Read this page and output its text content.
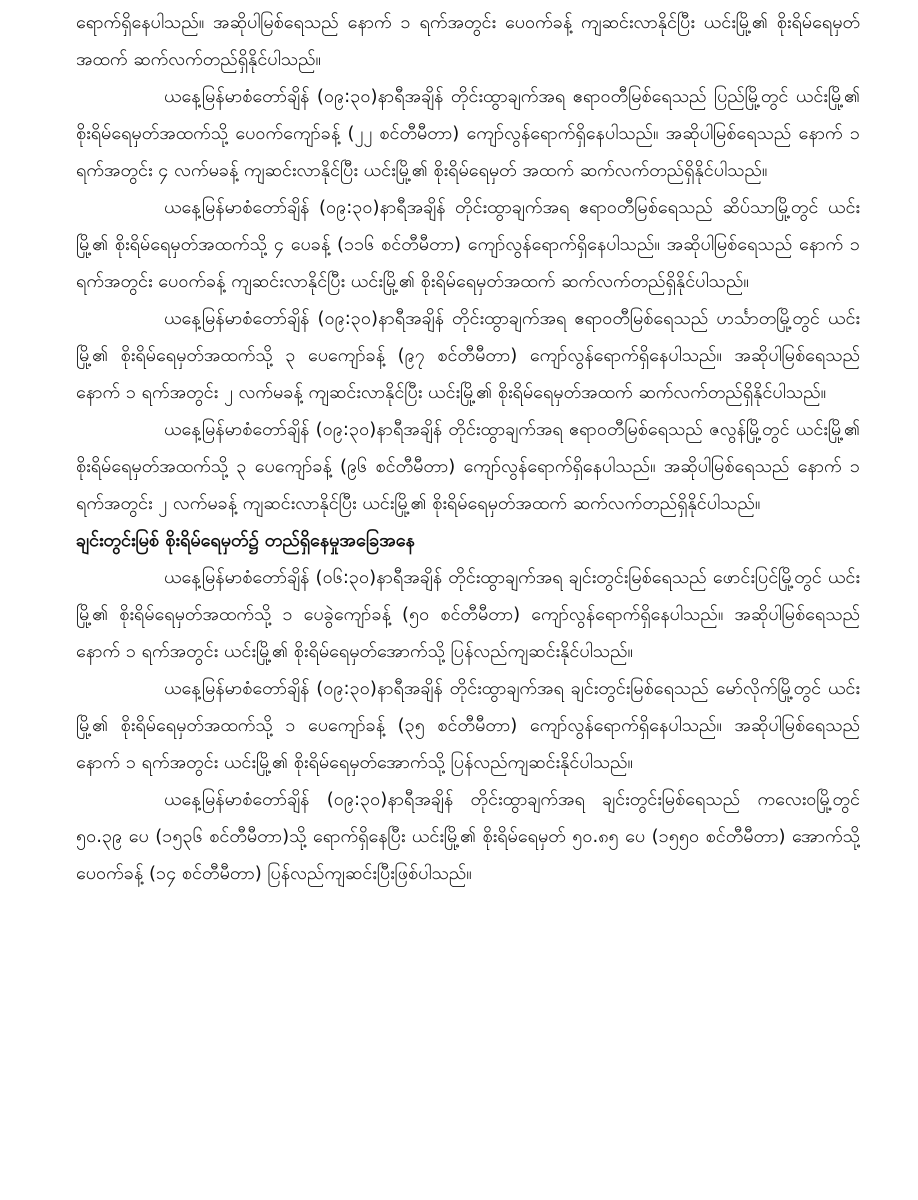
ရောက်ရှိနေပါသည်။ အဆိုပါမြစ်ရေသည် နောက် ၁ ရက်အတွင်း ပေ၀က်ခန့် ကျဆင်းလာနိုင်ပြီး ယင်းမြို့၏ စိုးရိမ်ရေမှတ်အထက် ဆက်လက်တည်ရှိနိုင်ပါသည်။

ယနေ့မြန်မာစံတော်ချိန် (၀၉:၃၀)နာရီအချိန် တိုင်းထွာချက်အရ ဧရာ၀တီမြစ်ရေသည် ပြည်မြို့တွင် ယင်းမြို့၏ စိုးရိမ်ရေမှတ်အထက်သို့ ပေ၀က်ကျော်ခန့် (၂၂ စင်တီမီတာ) ကျော်လွန်ရောက်ရှိနေပါသည်။ အဆိုပါမြစ်ရေသည် နောက် ၁ ရက်အတွင်း ၄ လက်မခန့် ကျဆင်းလာနိုင်ပြီး ယင်းမြို့၏ စိုးရိမ်ရေမှတ် အထက် ဆက်လက်တည်ရှိနိုင်ပါသည်။

ယနေ့မြန်မာစံတော်ချိန် (၀၉:၃၀)နာရီအချိန် တိုင်းထွာချက်အရ ဧရာ၀တီမြစ်ရေသည် ဆိပ်သာမြို့တွင် ယင်းမြို့၏ စိုးရိမ်ရေမှတ်အထက်သို့ ၄ ပေခန့် (၁၁၆ စင်တီမီတာ) ကျော်လွန်ရောက်ရှိနေပါသည်။ အဆိုပါမြစ်ရေသည် နောက် ၁ ရက်အတွင်း ပေ၀က်ခန့် ကျဆင်းလာနိုင်ပြီး ယင်းမြို့၏ စိုးရိမ်ရေမှတ်အထက် ဆက်လက်တည်ရှိနိုင်ပါသည်။

ယနေ့မြန်မာစံတော်ချိန် (၀၉:၃၀)နာရီအချိန် တိုင်းထွာချက်အရ ဧရာ၀တီမြစ်ရေသည် ဟင်္သာတမြို့တွင် ယင်းမြို့၏ စိုးရိမ်ရေမှတ်အထက်သို့ ၃ ပေကျော်ခန့် (၉၇ စင်တီမီတာ) ကျော်လွန်ရောက်ရှိနေပါသည်။ အဆိုပါမြစ်ရေသည် နောက် ၁ ရက်အတွင်း ၂ လက်မခန့် ကျဆင်းလာနိုင်ပြီး ယင်းမြို့၏ စိုးရိမ်ရေမှတ်အထက် ဆက်လက်တည်ရှိနိုင်ပါသည်။

ယနေ့မြန်မာစံတော်ချိန် (၀၉:၃၀)နာရီအချိန် တိုင်းထွာချက်အရ ဧရာ၀တီမြစ်ရေသည် ဇလွန်မြို့တွင် ယင်းမြို့၏ စိုးရိမ်ရေမှတ်အထက်သို့ ၃ ပေကျော်ခန့် (၉၆ စင်တီမီတာ) ကျော်လွန်ရောက်ရှိနေပါသည်။ အဆိုပါမြစ်ရေသည် နောက် ၁ ရက်အတွင်း ၂ လက်မခန့် ကျဆင်းလာနိုင်ပြီး ယင်းမြို့၏ စိုးရိမ်ရေမှတ်အထက် ဆက်လက်တည်ရှိနိုင်ပါသည်။

ချင်းတွင်းမြစ် စိုးရိမ်ရေမှတ်၌ တည်ရှိနေမှုအခြေအနေ

ယနေ့မြန်မာစံတော်ချိန် (၀၆:၃၀)နာရီအချိန် တိုင်းထွာချက်အရ ချင်းတွင်းမြစ်ရေသည် ဖောင်းပြင်မြို့တွင် ယင်းမြို့၏ စိုးရိမ်ရေမှတ်အထက်သို့ ၁ ပေခွဲကျော်ခန့် (၅၀ စင်တီမီတာ) ကျော်လွန်ရောက်ရှိနေပါသည်။ အဆိုပါမြစ်ရေသည် နောက် ၁ ရက်အတွင်း ယင်းမြို့၏ စိုးရိမ်ရေမှတ်အောက်သို့ ပြန်လည်ကျဆင်းနိုင်ပါသည်။

ယနေ့မြန်မာစံတော်ချိန် (၀၉:၃၀)နာရီအချိန် တိုင်းထွာချက်အရ ချင်းတွင်းမြစ်ရေသည် မော်လိုက်မြို့တွင် ယင်းမြို့၏ စိုးရိမ်ရေမှတ်အထက်သို့ ၁ ပေကျော်ခန့် (၃၅ စင်တီမီတာ) ကျော်လွန်ရောက်ရှိနေပါသည်။ အဆိုပါမြစ်ရေသည် နောက် ၁ ရက်အတွင်း ယင်းမြို့၏ စိုးရိမ်ရေမှတ်အောက်သို့ ပြန်လည်ကျဆင်းနိုင်ပါသည်။

ယနေ့မြန်မာစံတော်ချိန် (၀၉:၃၀)နာရီအချိန် တိုင်းထွာချက်အရ ချင်းတွင်းမြစ်ရေသည် ကလေးဝမြို့တွင် ၅၀.၃၉ ပေ (၁၅၃၆ စင်တီမီတာ)သို့ ရောက်ရှိနေပြီး ယင်းမြို့၏ စိုးရိမ်ရေမှတ် ၅၀.၈၅ ပေ (၁၅၅၀ စင်တီမီတာ) အောက်သို့ ပေ၀က်ခန့် (၁၄ စင်တီမီတာ) ပြန်လည်ကျဆင်းပြီးဖြစ်ပါသည်။
